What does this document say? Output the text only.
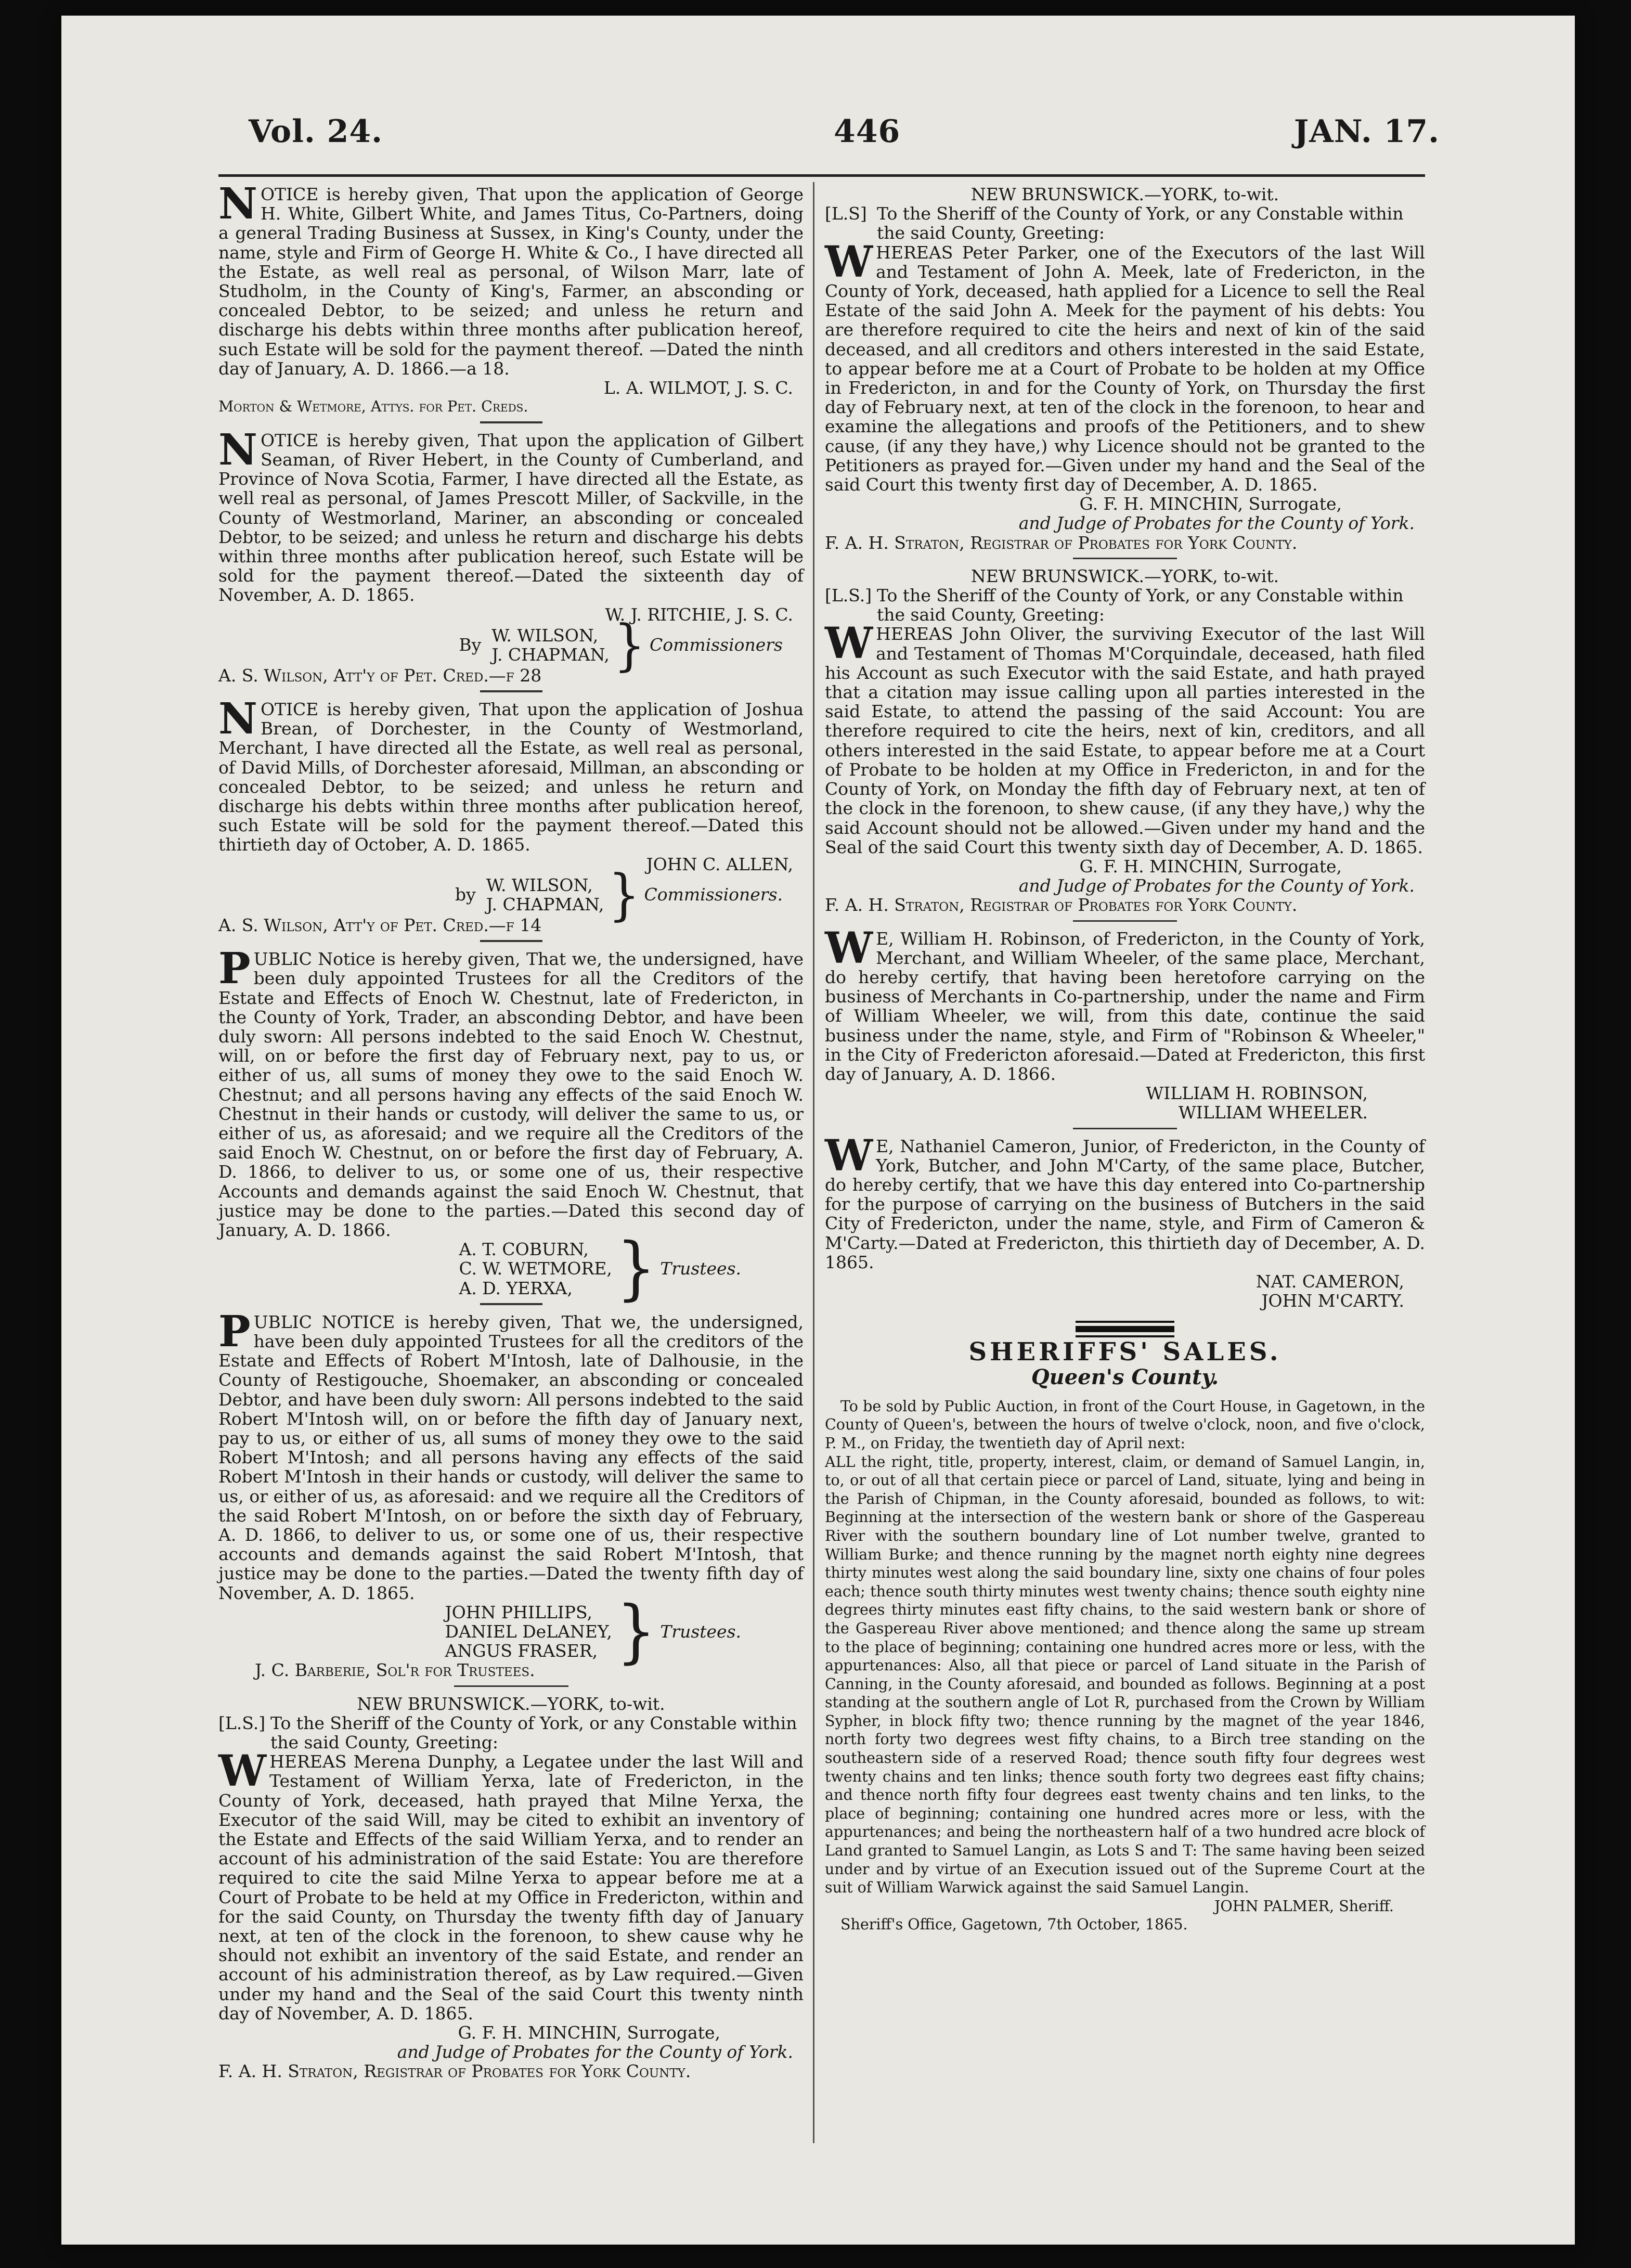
Vol. 24.	446	JAN. 17.

NOTICE is hereby given, That upon the application of George H. White, Gilbert White, and James Titus, Co-Partners, doing a general Trading Business at Sussex, in King's County, under the name, style and Firm of George H. White & Co., I have directed all the Estate, as well real as personal, of Wilson Marr, late of Studholm, in the County of King's, Farmer, an absconding or concealed Debtor, to be seized; and unless he return and discharge his debts within three months after publication hereof, such Estate will be sold for the payment thereof. —Dated the ninth day of January, A. D. 1866.—a 18.

L. A. WILMOT, J. S. C.

Morton & Wetmore, Attys. for Pet. Creds.

NOTICE is hereby given, That upon the application of Gilbert Seaman, of River Hebert, in the County of Cumberland, and Province of Nova Scotia, Farmer, I have directed all the Estate, as well real as personal, of James Prescott Miller, of Sackville, in the County of Westmorland, Mariner, an absconding or concealed Debtor, to be seized; and unless he return and discharge his debts within three months after publication hereof, such Estate will be sold for the payment thereof.—Dated the sixteenth day of November, A. D. 1865.

W. J. RITCHIE, J. S. C.

By W. WILSON,
J. CHAPMAN, } Commissioners

A. S. Wilson, Att'y of Pet. Cred.—f 28

NOTICE is hereby given, That upon the application of Joshua Brean, of Dorchester, in the County of Westmorland, Merchant, I have directed all the Estate, as well real as personal, of David Mills, of Dorchester aforesaid, Millman, an absconding or concealed Debtor, to be seized; and unless he return and discharge his debts within three months after publication hereof, such Estate will be sold for the payment thereof.—Dated this thirtieth day of October, A. D. 1865.

JOHN C. ALLEN,

by W. WILSON,
J. CHAPMAN, } Commissioners.

A. S. Wilson, Att'y of Pet. Cred.—f 14

PUBLIC Notice is hereby given, That we, the undersigned, have been duly appointed Trustees for all the Creditors of the Estate and Effects of Enoch W. Chestnut, late of Fredericton, in the County of York, Trader, an absconding Debtor, and have been duly sworn: All persons indebted to the said Enoch W. Chestnut, will, on or before the first day of February next, pay to us, or either of us, all sums of money they owe to the said Enoch W. Chestnut; and all persons having any effects of the said Enoch W. Chestnut in their hands or custody, will deliver the same to us, or either of us, as aforesaid; and we require all the Creditors of the said Enoch W. Chestnut, on or before the first day of February, A. D. 1866, to deliver to us, or some one of us, their respective Accounts and demands against the said Enoch W. Chestnut, that justice may be done to the parties.—Dated this second day of January, A. D. 1866.

A. T. COBURN,
C. W. WETMORE,
A. D. YERXA, } Trustees.

PUBLIC NOTICE is hereby given, That we, the undersigned, have been duly appointed Trustees for all the creditors of the Estate and Effects of Robert M'Intosh, late of Dalhousie, in the County of Restigouche, Shoemaker, an absconding or concealed Debtor, and have been duly sworn: All persons indebted to the said Robert M'Intosh will, on or before the fifth day of January next, pay to us, or either of us, all sums of money they owe to the said Robert M'Intosh; and all persons having any effects of the said Robert M'Intosh in their hands or custody, will deliver the same to us, or either of us, as aforesaid: and we require all the Creditors of the said Robert M'Intosh, on or before the sixth day of February, A. D. 1866, to deliver to us, or some one of us, their respective accounts and demands against the said Robert M'Intosh, that justice may be done to the parties.—Dated the twenty fifth day of November, A. D. 1865.

JOHN PHILLIPS,
DANIEL DeLANEY,
ANGUS FRASER, } Trustees.

J. C. Barberie, Sol'r for Trustees.

NEW BRUNSWICK.—YORK, to-wit.

[L.S.] To the Sheriff of the County of York, or any Constable within the said County, Greeting:

WHEREAS Merena Dunphy, a Legatee under the last Will and Testament of William Yerxa, late of Fredericton, in the County of York, deceased, hath prayed that Milne Yerxa, the Executor of the said Will, may be cited to exhibit an inventory of the Estate and Effects of the said William Yerxa, and to render an account of his administration of the said Estate: You are therefore required to cite the said Milne Yerxa to appear before me at a Court of Probate to be held at my Office in Fredericton, within and for the said County, on Thursday the twenty fifth day of January next, at ten of the clock in the forenoon, to shew cause why he should not exhibit an inventory of the said Estate, and render an account of his administration thereof, as by Law required.—Given under my hand and the Seal of the said Court this twenty ninth day of November, A. D. 1865.

G. F. H. MINCHIN, Surrogate,

and Judge of Probates for the County of York.

F. A. H. Straton, Registrar of Probates for York County.

NEW BRUNSWICK.—YORK, to-wit.

[L.S] To the Sheriff of the County of York, or any Constable within the said County, Greeting:

WHEREAS Peter Parker, one of the Executors of the last Will and Testament of John A. Meek, late of Fredericton, in the County of York, deceased, hath applied for a Licence to sell the Real Estate of the said John A. Meek for the payment of his debts: You are therefore required to cite the heirs and next of kin of the said deceased, and all creditors and others interested in the said Estate, to appear before me at a Court of Probate to be holden at my Office in Fredericton, in and for the County of York, on Thursday the first day of February next, at ten of the clock in the forenoon, to hear and examine the allegations and proofs of the Petitioners, and to shew cause, (if any they have,) why Licence should not be granted to the Petitioners as prayed for.—Given under my hand and the Seal of the said Court this twenty first day of December, A. D. 1865.

G. F. H. MINCHIN, Surrogate,

and Judge of Probates for the County of York.

F. A. H. Straton, Registrar of Probates for York County.

NEW BRUNSWICK.—YORK, to-wit.

[L.S.] To the Sheriff of the County of York, or any Constable within the said County, Greeting:

WHEREAS John Oliver, the surviving Executor of the last Will and Testament of Thomas M'Corquindale, deceased, hath filed his Account as such Executor with the said Estate, and hath prayed that a citation may issue calling upon all parties interested in the said Estate, to attend the passing of the said Account: You are therefore required to cite the heirs, next of kin, creditors, and all others interested in the said Estate, to appear before me at a Court of Probate to be holden at my Office in Fredericton, in and for the County of York, on Monday the fifth day of February next, at ten of the clock in the forenoon, to shew cause, (if any they have,) why the said Account should not be allowed.—Given under my hand and the Seal of the said Court this twenty sixth day of December, A. D. 1865.

G. F. H. MINCHIN, Surrogate,

and Judge of Probates for the County of York.

F. A. H. Straton, Registrar of Probates for York County.

W E, William H. Robinson, of Fredericton, in the County of York, Merchant, and William Wheeler, of the same place, Merchant, do hereby certify, that having been heretofore carrying on the business of Merchants in Co-partnership, under the name and Firm of William Wheeler, we will, from this date, continue the said business under the name, style, and Firm of "Robinson & Wheeler," in the City of Fredericton aforesaid.—Dated at Fredericton, this first day of January, A. D. 1866.

WILLIAM H. ROBINSON,

WILLIAM WHEELER.

W E, Nathaniel Cameron, Junior, of Fredericton, in the County of York, Butcher, and John M'Carty, of the same place, Butcher, do hereby certify, that we have this day entered into Co-partnership for the purpose of carrying on the business of Butchers in the said City of Fredericton, under the name, style, and Firm of Cameron & M'Carty.—Dated at Fredericton, this thirtieth day of December, A. D. 1865.

NAT. CAMERON,

JOHN M'CARTY.

SHERIFFS' SALES.

Queen's County.

To be sold by Public Auction, in front of the Court House, in Gagetown, in the County of Queen's, between the hours of twelve o'clock, noon, and five o'clock, P. M., on Friday, the twentieth day of April next:

ALL the right, title, property, interest, claim, or demand of Samuel Langin, in, to, or out of all that certain piece or parcel of Land, situate, lying and being in the Parish of Chipman, in the County aforesaid, bounded as follows, to wit: Beginning at the intersection of the western bank or shore of the Gaspereau River with the southern boundary line of Lot number twelve, granted to William Burke; and thence running by the magnet north eighty nine degrees thirty minutes west along the said boundary line, sixty one chains of four poles each; thence south thirty minutes west twenty chains; thence south eighty nine degrees thirty minutes east fifty chains, to the said western bank or shore of the Gaspereau River above mentioned; and thence along the same up stream to the place of beginning; containing one hundred acres more or less, with the appurtenances: Also, all that piece or parcel of Land situate in the Parish of Canning, in the County aforesaid, and bounded as follows. Beginning at a post standing at the southern angle of Lot R, purchased from the Crown by William Sypher, in block fifty two; thence running by the magnet of the year 1846, north forty two degrees west fifty chains, to a Birch tree standing on the southeastern side of a reserved Road; thence south fifty four degrees west twenty chains and ten links; thence south forty two degrees east fifty chains; and thence north fifty four degrees east twenty chains and ten links, to the place of beginning; containing one hundred acres more or less, with the appurtenances; and being the northeastern half of a two hundred acre block of Land granted to Samuel Langin, as Lots S and T: The same having been seized under and by virtue of an Execution issued out of the Supreme Court at the suit of William Warwick against the said Samuel Langin.

JOHN PALMER, Sheriff.

Sheriff's Office, Gagetown, 7th October, 1865.
